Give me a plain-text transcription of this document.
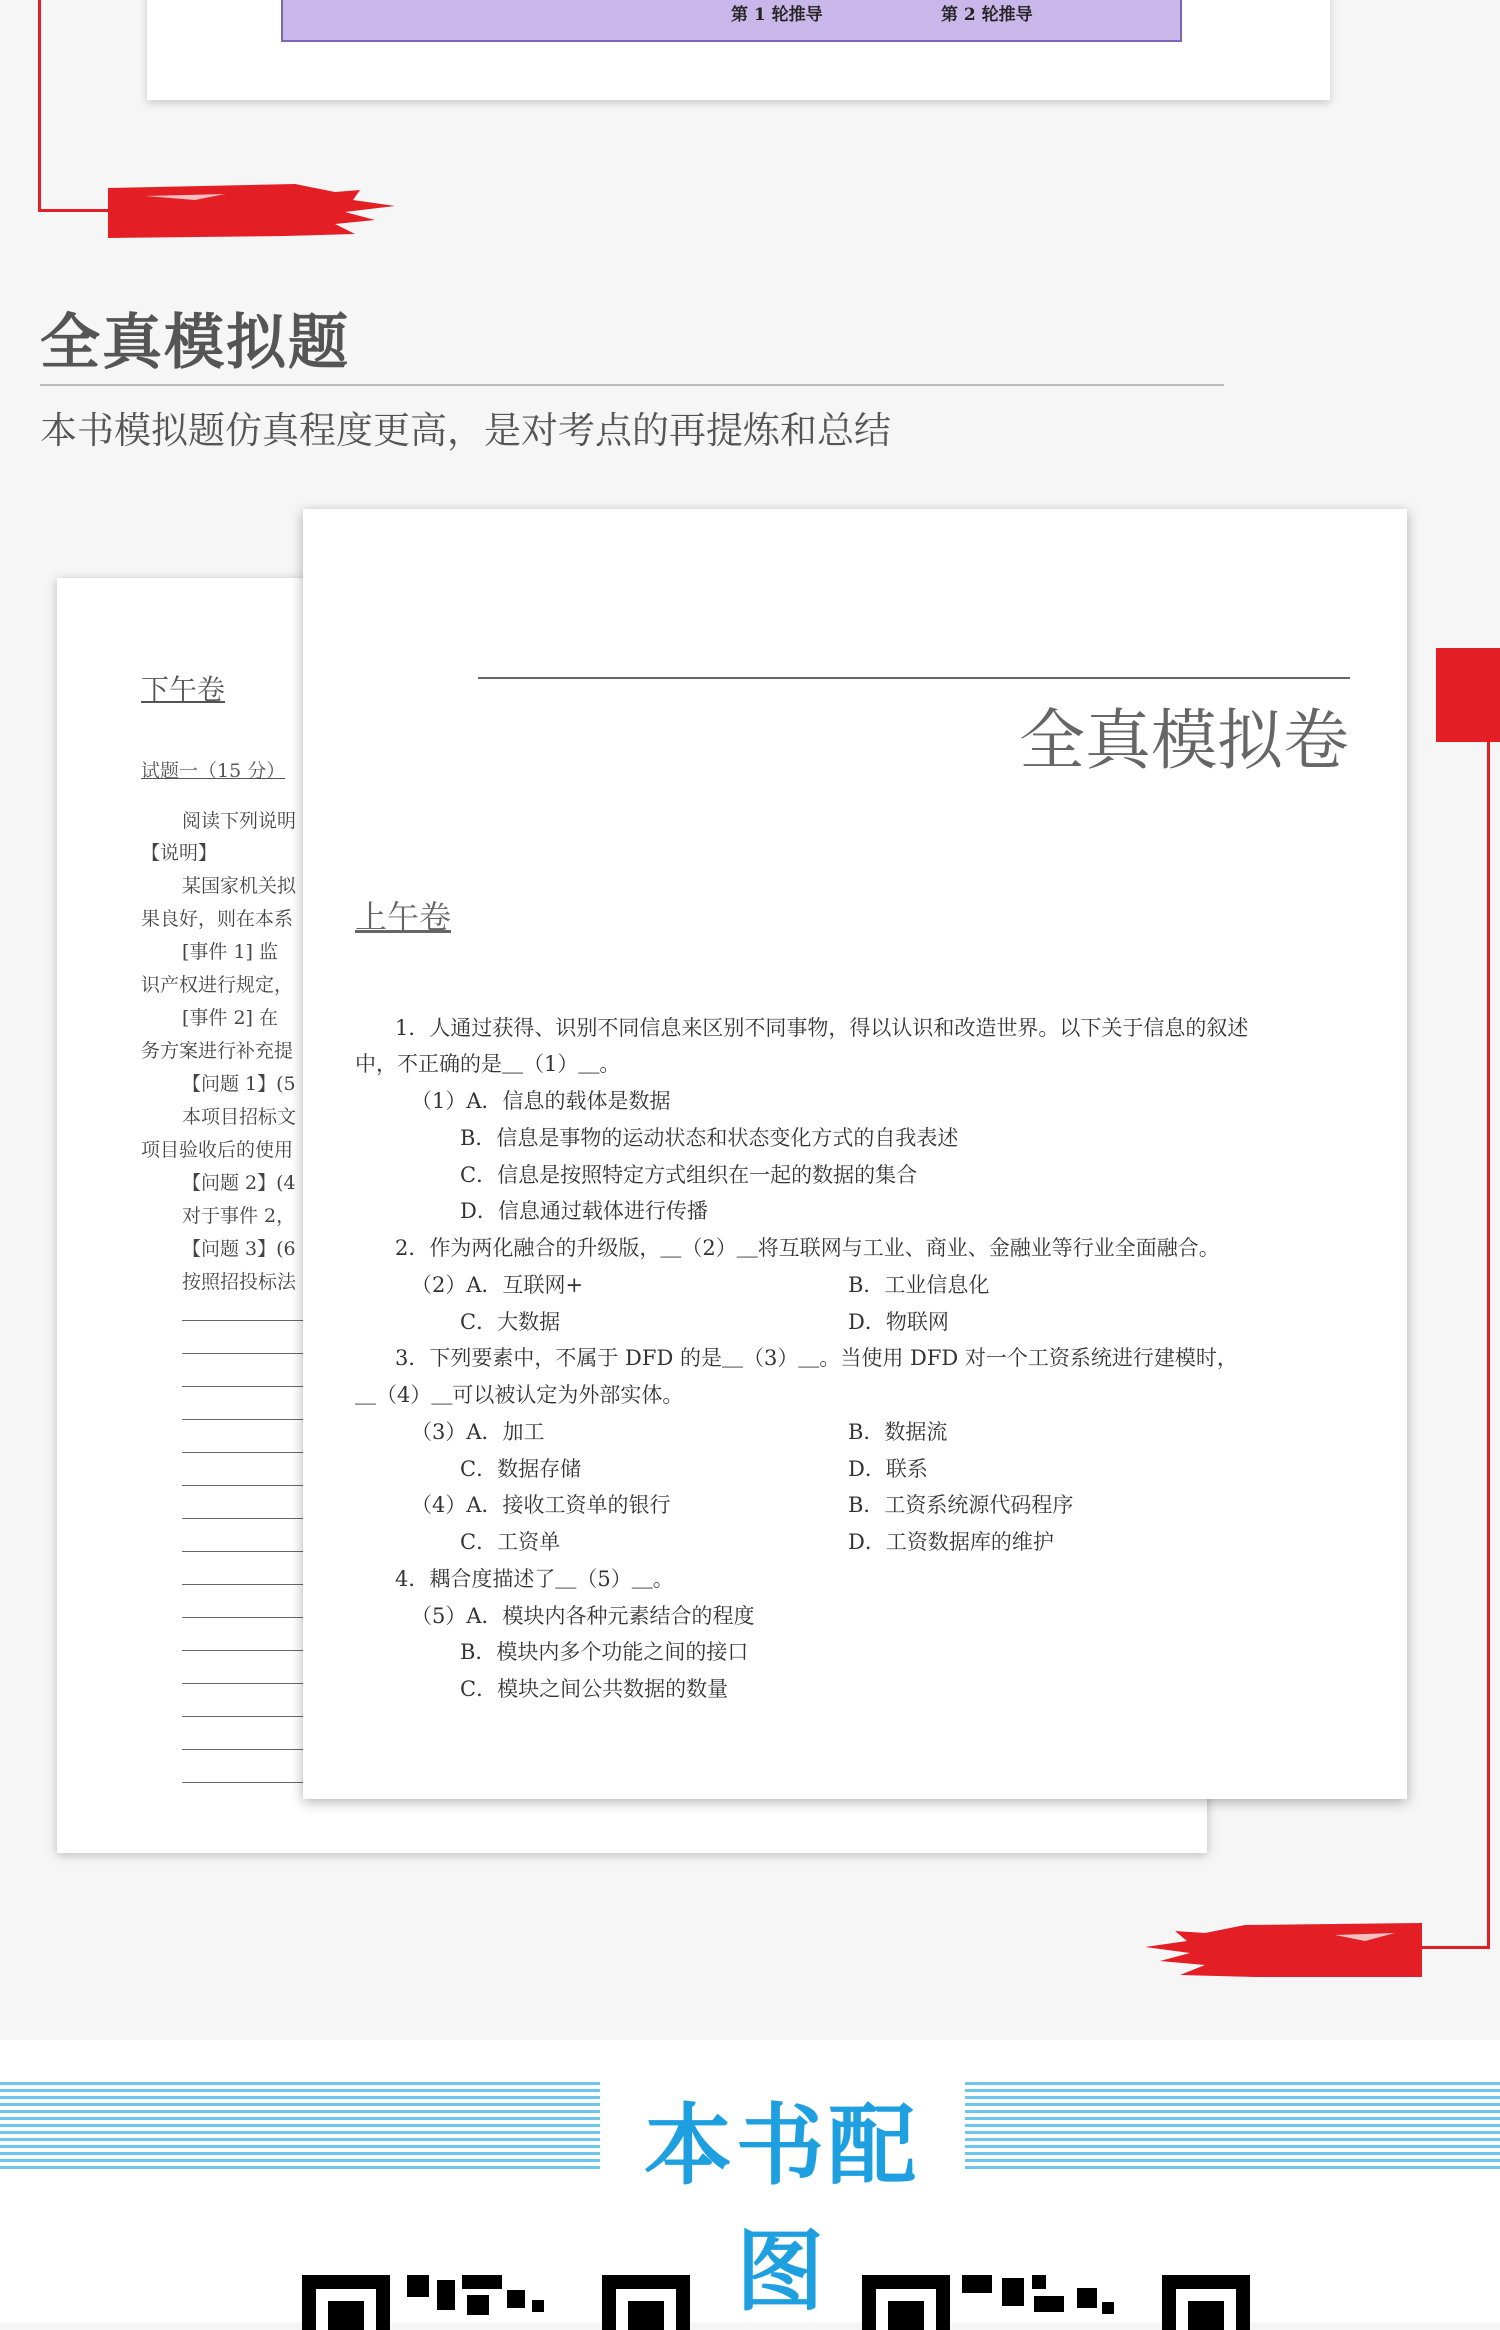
第 1 轮推导	第 2 轮推导
全真模拟题
本书模拟题仿真程度更高，是对考点的再提炼和总结
下午卷
试题一（15 分）
阅读下列说明
【说明】
某国家机关拟
果良好，则在本系
[事件 1] 监
识产权进行规定，
[事件 2] 在
务方案进行补充提
【问题 1】(5
本项目招标文
项目验收后的使用
【问题 2】(4
对于事件 2，
【问题 3】(6
按照招投标法
全真模拟卷
上午卷
1．人通过获得、识别不同信息来区别不同事物，得以认识和改造世界。以下关于信息的叙述
中，不正确的是＿（1）＿。
（1）A．信息的载体是数据
B．信息是事物的运动状态和状态变化方式的自我表述
C．信息是按照特定方式组织在一起的数据的集合
D．信息通过载体进行传播
2．作为两化融合的升级版，＿（2）＿将互联网与工业、商业、金融业等行业全面融合。
（2）A．互联网+	B．工业信息化
C．大数据	D．物联网
3．下列要素中，不属于 DFD 的是＿（3）＿。当使用 DFD 对一个工资系统进行建模时，
＿（4）＿可以被认定为外部实体。
（3）A．加工	B．数据流
C．数据存储	D．联系
（4）A．接收工资单的银行	B．工资系统源代码程序
C．工资单	D．工资数据库的维护
4．耦合度描述了＿（5）＿。
（5）A．模块内各种元素结合的程度
B．模块内多个功能之间的接口
C．模块之间公共数据的数量
本书配图
